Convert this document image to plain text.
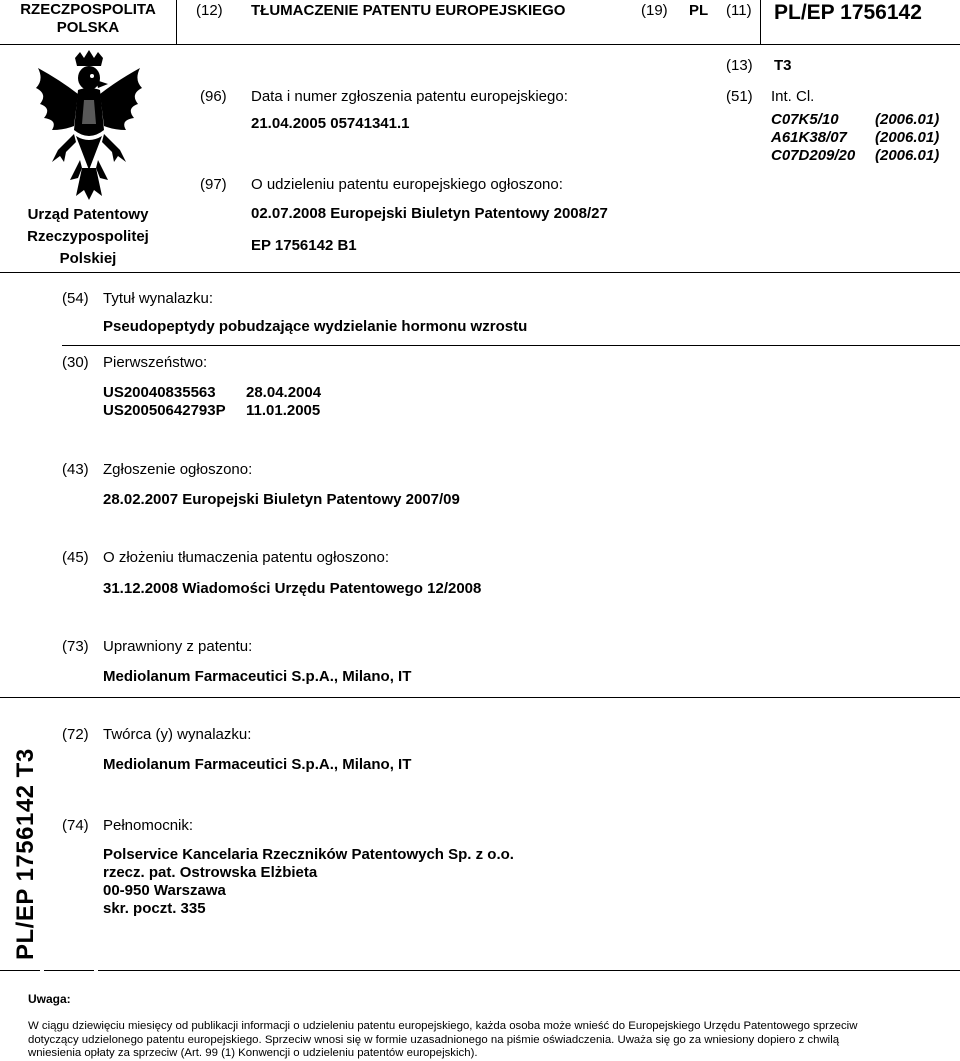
RZECZPOSPOLITA
POLSKA
(12) TŁUMACZENIE PATENTU EUROPEJSKIEGO	(19) PL (11) PL/EP 1756142
(13) T3
Urząd Patentowy
Rzeczypospolitej
Polskiej
(96) Data i numer zgłoszenia patentu europejskiego:
21.04.2005 05741341.1
(97) O udzieleniu patentu europejskiego ogłoszono:
02.07.2008 Europejski Biuletyn Patentowy 2008/27
EP 1756142 B1
(51) Int. Cl.
C07K5/10
A61K38/07
C07D209/20
(2006.01)
(2006.01)
(2006.01)
(54) Tytuł wynalazku:
Pseudopeptydy pobudzające wydzielanie hormonu wzrostu
(30) Pierwszeństwo:
US20040835563
US20050642793P
28.04.2004
11.01.2005
(43) Zgłoszenie ogłoszono:
28.02.2007 Europejski Biuletyn Patentowy 2007/09
(45) O złożeniu tłumaczenia patentu ogłoszono:
31.12.2008 Wiadomości Urzędu Patentowego 12/2008
(73) Uprawniony z patentu:
Mediolanum Farmaceutici S.p.A., Milano, IT
PL/EP 1756142 T3
(72) Twórca (y) wynalazku:
Mediolanum Farmaceutici S.p.A., Milano, IT
(74) Pełnomocnik:
Polservice Kancelaria Rzeczników Patentowych Sp. z o.o.
rzecz. pat. Ostrowska Elżbieta
00-950 Warszawa
skr. poczt. 335
Uwaga:
W ciągu dziewięciu miesięcy od publikacji informacji o udzieleniu patentu europejskiego, każda osoba może wnieść do Europejskiego Urzędu Patentowego sprzeciw
dotyczący udzielonego patentu europejskiego. Sprzeciw wnosi się w formie uzasadnionego na piśmie oświadczenia. Uważa się go za wniesiony dopiero z chwilą
wniesienia opłaty za sprzeciw (Art. 99 (1) Konwencji o udzieleniu patentów europejskich).
